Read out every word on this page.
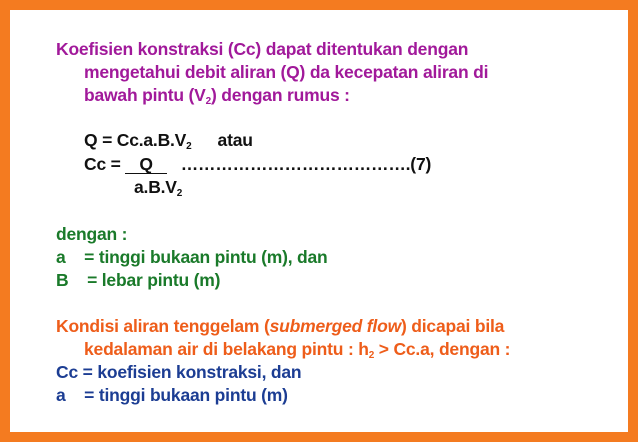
Koefisien konstraksi (Cc) dapat ditentukan dengan
mengetahui debit aliran (Q) da kecepatan aliran di
bawah pintu $(V_2)$ dengan rumus :
$Q = Cc.a.B.V_2$ atau
Cc = Q ………………………………….(7)
$a.B.V_2$
dengan :
a    = tinggi bukaan pintu (m), dan
B    = lebar pintu (m)
Kondisi aliran tenggelam (submerged flow) dicapai bila
kedalaman air di belakang pintu : $h_2 > Cc.a$, dengan :
Cc = koefisien konstraksi, dan
a    = tinggi bukaan pintu (m)
